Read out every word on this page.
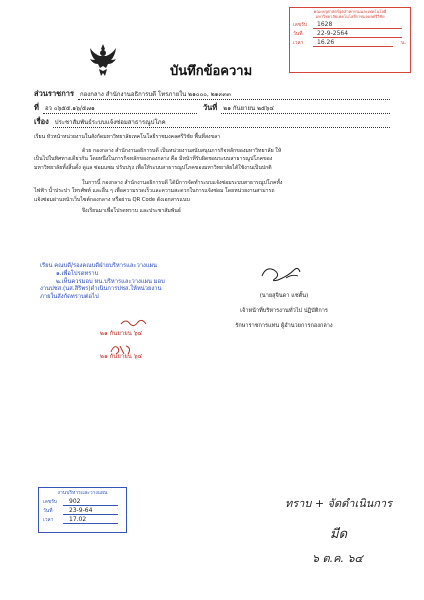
บันทึกข้อความ
คณะครุศาสตร์อุตสาหกรรมและเทคโนโลยี
มหาวิทยาลัยเทคโนโลยีราชมงคลศรีวิชัย
เลขรับ	1628
วันที่	22-9-2564
เวลา	16.26	น.
ส่วนราชการ	กองกลาง สำนักงานอธิการบดี โทรภายใน ๒๑๐๐๐, ๒๑๓๓๓
ที่	อว ๐๖๕๕.๑๖/๕๗๑	วันที่	๒๑ กันยายน ๒๕๖๔
เรื่อง	ประชาสัมพันธ์ระบบแจ้งซ่อมสาธารณูปโภค
เรียน หัวหน้าหน่วยงานในสังกัดมหาวิทยาลัยเทคโนโลยีราชมงคลศรีวิชัย พื้นที่สงขลา
ด้วย กองกลาง สำนักงานอธิการบดี เป็นหน่วยงานสนับสนุนภารกิจหลักของมหาวิทยาลัย ให้
เป็นไปในทิศทางเดียวกัน โดยหนึ่งในภารกิจหลักของกองกลาง คือ มีหน้าที่รับผิดชอบระบบสาธารณูปโภคของ
มหาวิทยาลัยทั้งสิ้นดั้ง ดูแล ซ่อมแซม ปรับปรุง เพื่อให้ระบบสาธารณูปโภคของมหาวิทยาลัยได้ใช้งานเป็นปกติ
ในการนี้ กองกลาง สำนักงานอธิการบดี ได้มีการจัดทำระบบแจ้งซ่อมระบบสาธารณูปโภคทั้ง
ไฟฟ้า น้ำประปา โทรศัพท์ และอื่น ๆ เพื่อความรวดเร็วและความสะดวกในการแจ้งซ่อม โดยหน่วยงานสามารถ
แจ้งซ่อมผ่านหน้าเว็บไซต์กองกลาง หรือผ่าน QR Code ดังเอกสารแนบ
จึงเรียนมาเพื่อโปรดทราบ และประชาสัมพันธ์
(นายสุจินดา แช่ตั้น)
เจ้าหน้าที่บริหารงานทั่วไป ปฏิบัติการ
รักษาราชการแทน ผู้อำนวยการกองกลาง
เรียน คณบดี/รองคณบดีฝ่ายบริหารและวางแผน
๑.เพื่อโปรดทราบ
๒.เห็นควรมอบ หน.บริหารและวางแผน มอบ
งานปชส.(นส.สิริพร)ดำเนินการปชส.ให้หน่วยงาน
ภายในสังกัดทราบต่อไป
๒๑ กันยายน ๖๔
๒๑ กันยายน ๖๔
งานบริหารและวางแผน
เลขรับ	902
วันที่	23-9-64
เวลา	17.02
ทราบ + จัดดำเนินการ
มีด
๖ ต.ค. ๖๔
